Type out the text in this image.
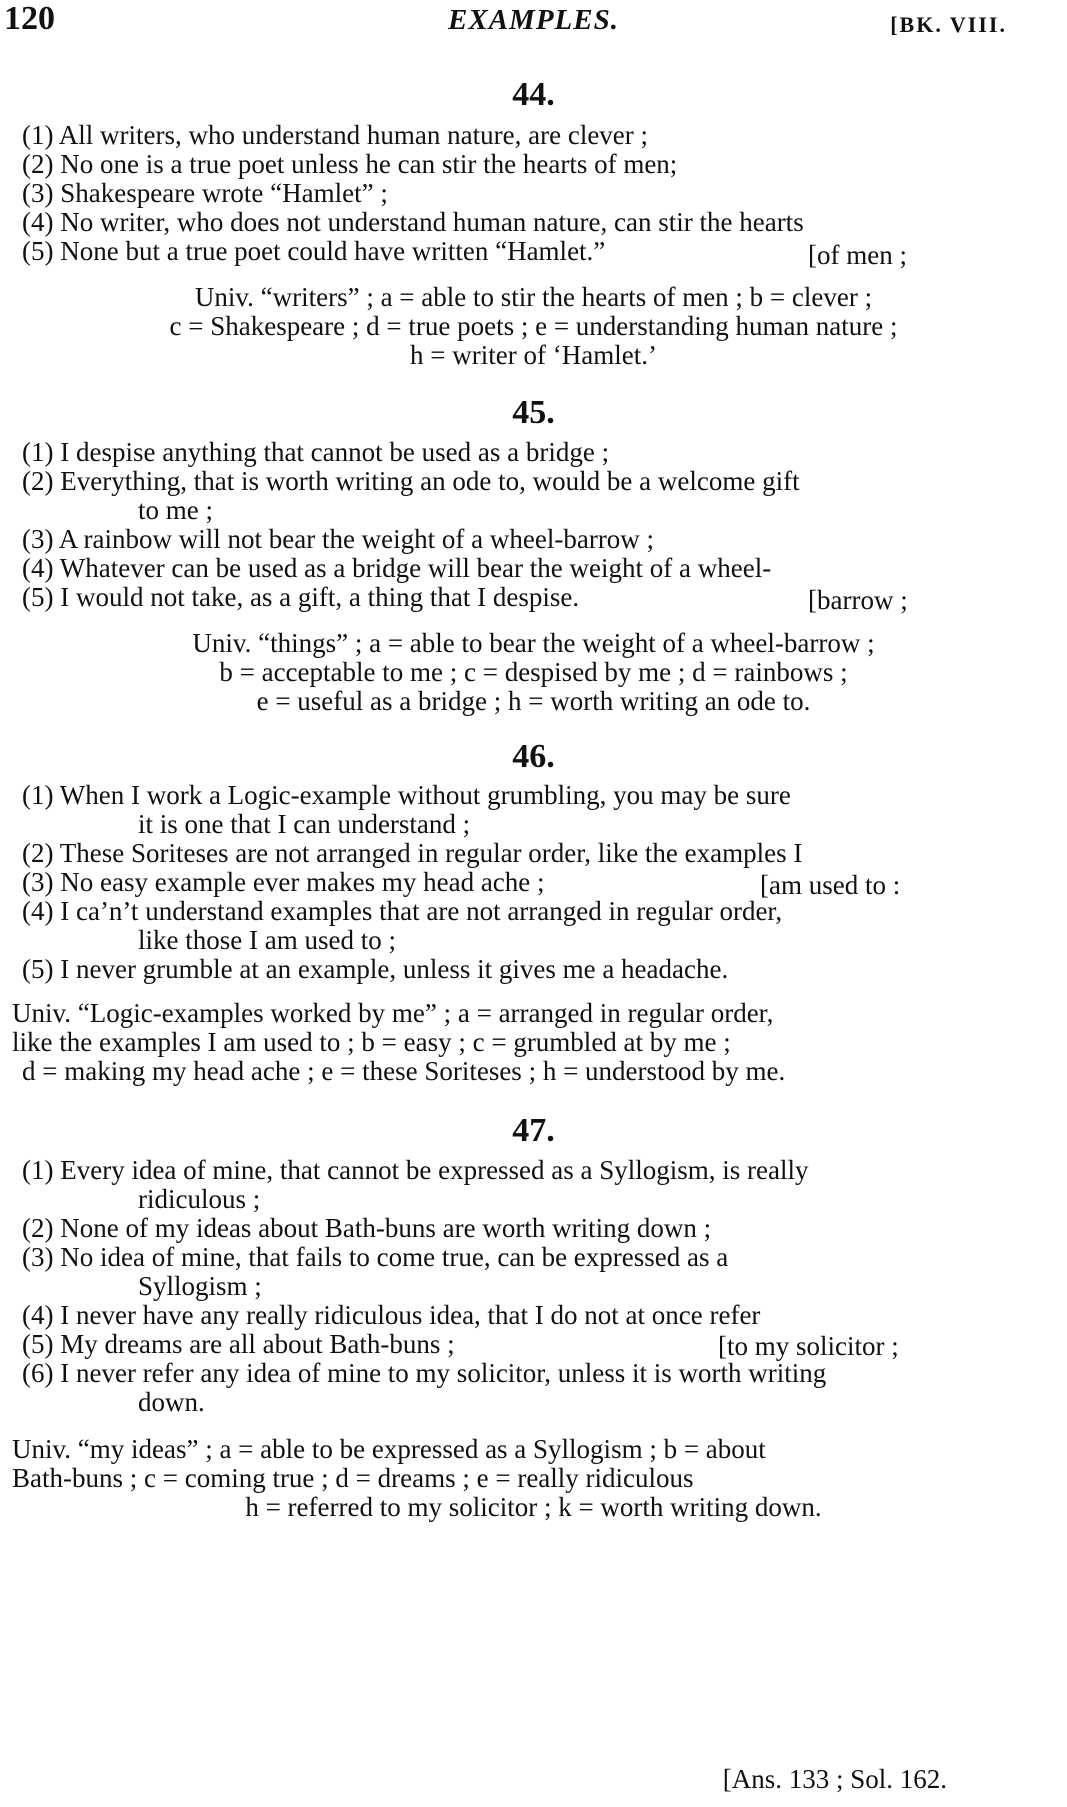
120	EXAMPLES.	[BK. VIII.
44.
(1) All writers, who understand human nature, are clever ;
(2) No one is a true poet unless he can stir the hearts of men;
(3) Shakespeare wrote “Hamlet” ;
(4) No writer, who does not understand human nature, can stir the hearts
(5) None but a true poet could have written “Hamlet.”	[of men ;
Univ. “writers” ; a = able to stir the hearts of men ; b = clever ;
c = Shakespeare ; d = true poets ; e = understanding human nature ;
h = writer of ‘Hamlet.’
45.
(1) I despise anything that cannot be used as a bridge ;
(2) Everything, that is worth writing an ode to, would be a welcome gift
to me ;
(3) A rainbow will not bear the weight of a wheel-barrow ;
(4) Whatever can be used as a bridge will bear the weight of a wheel-
(5) I would not take, as a gift, a thing that I despise.	[barrow ;
Univ. “things” ; a = able to bear the weight of a wheel-barrow ;
b = acceptable to me ; c = despised by me ; d = rainbows ;
e = useful as a bridge ; h = worth writing an ode to.
46.
(1) When I work a Logic-example without grumbling, you may be sure
it is one that I can understand ;
(2) These Soriteses are not arranged in regular order, like the examples I
(3) No easy example ever makes my head ache ;	[am used to :
(4) I ca’n’t understand examples that are not arranged in regular order,
like those I am used to ;
(5) I never grumble at an example, unless it gives me a headache.
Univ. “Logic-examples worked by me” ; a = arranged in regular order,
like the examples I am used to ; b = easy ; c = grumbled at by me ;
d = making my head ache ; e = these Soriteses ; h = understood by me.
47.
(1) Every idea of mine, that cannot be expressed as a Syllogism, is really
ridiculous ;
(2) None of my ideas about Bath-buns are worth writing down ;
(3) No idea of mine, that fails to come true, can be expressed as a
Syllogism ;
(4) I never have any really ridiculous idea, that I do not at once refer
(5) My dreams are all about Bath-buns ;	[to my solicitor ;
(6) I never refer any idea of mine to my solicitor, unless it is worth writing
down.
Univ. “my ideas” ; a = able to be expressed as a Syllogism ; b = about
Bath-buns ; c = coming true ; d = dreams ; e = really ridiculous
h = referred to my solicitor ; k = worth writing down.
[Ans. 133 ; Sol. 162.
